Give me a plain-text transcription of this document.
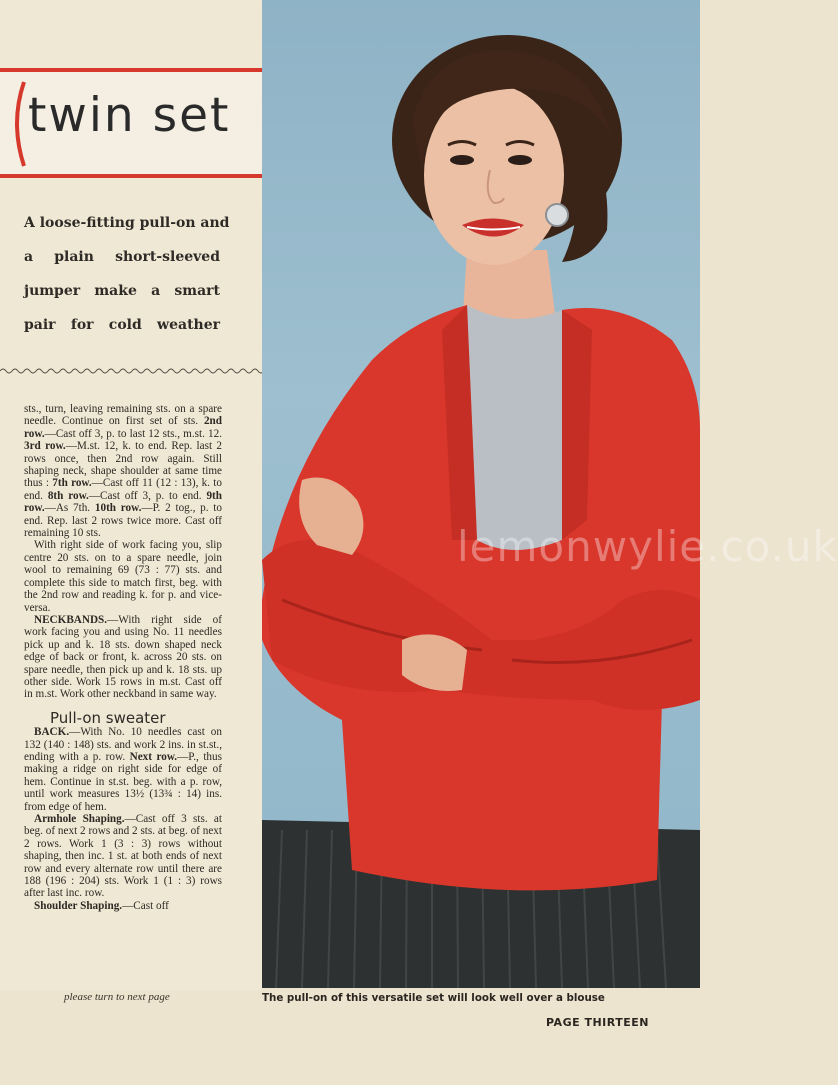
twin set
A loose-fitting pull-on and
a plain short-sleeved
jumper make a smart
pair for cold weather

sts., turn, leaving remaining sts. on a spare needle. Continue on first set of sts. 2nd row.—Cast off 3, p. to last 12 sts., m.st. 12. 3rd row.—M.st. 12, k. to end. Rep. last 2 rows once, then 2nd row again. Still shaping neck, shape shoulder at same time thus : 7th row.—Cast off 11 (12 : 13), k. to end. 8th row.—Cast off 3, p. to end. 9th row.—As 7th. 10th row.—P. 2 tog., p. to end. Rep. last 2 rows twice more. Cast off remaining 10 sts.

With right side of work facing you, slip centre 20 sts. on to a spare needle, join wool to remaining 69 (73 : 77) sts. and complete this side to match first, beg. with the 2nd row and reading k. for p. and vice-versa.

NECKBANDS.—With right side of work facing you and using No. 11 needles pick up and k. 18 sts. down shaped neck edge of back or front, k. across 20 sts. on spare needle, then pick up and k. 18 sts. up other side. Work 15 rows in m.st. Cast off in m.st. Work other neckband in same way.

Pull-on sweater

BACK.—With No. 10 needles cast on 132 (140 : 148) sts. and work 2 ins. in st.st., ending with a p. row. Next row.—P., thus making a ridge on right side for edge of hem. Continue in st.st. beg. with a p. row, until work measures 13½ (13¾ : 14) ins. from edge of hem.

Armhole Shaping.—Cast off 3 sts. at beg. of next 2 rows and 2 sts. at beg. of next 2 rows. Work 1 (3 : 3) rows without shaping, then inc. 1 st. at both ends of next row and every alternate row until there are 188 (196 : 204) sts. Work 1 (1 : 3) rows after last inc. row.

Shoulder Shaping.—Cast off

please turn to next page
lemonwylie.co.uk
The pull-on of this versatile set will look well over a blouse
PAGE THIRTEEN
